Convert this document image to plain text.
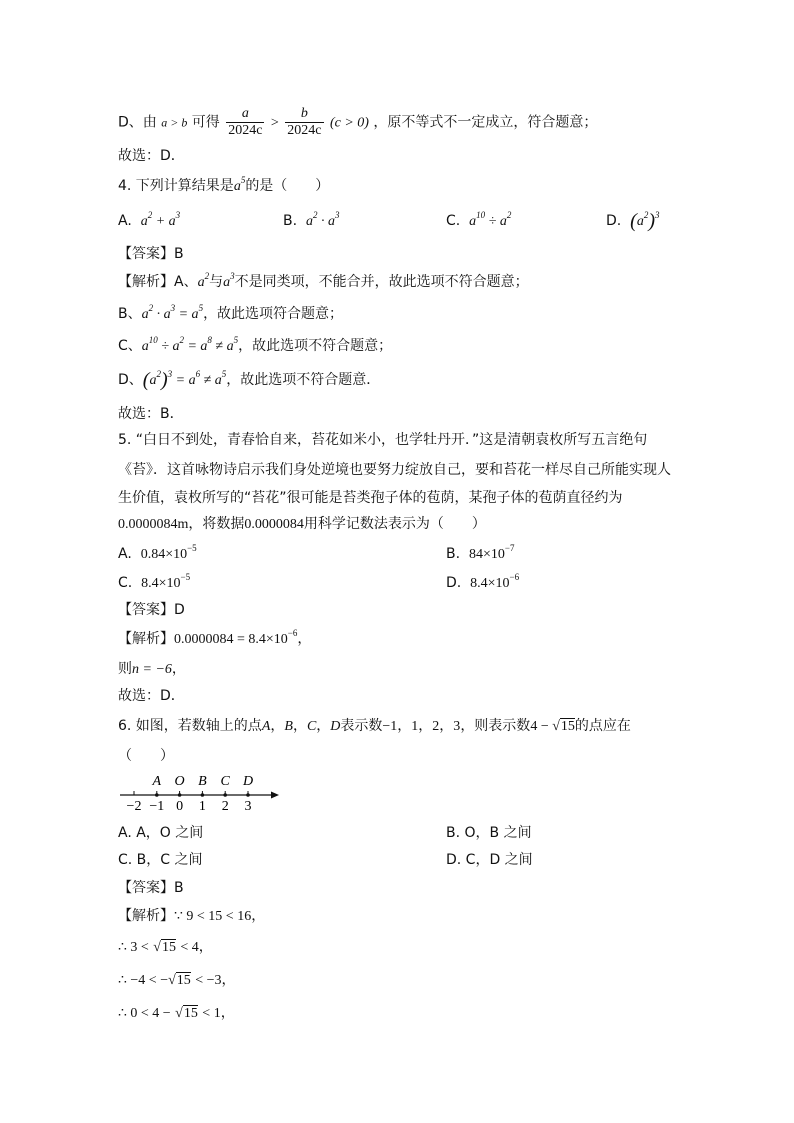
D、由 a > b 可得 $\frac{a}{2024c} > \frac{b}{2024c} (c > 0)$ ，原不等式不一定成立，符合题意；
故选：D．
4. 下列计算结果是$a^5$的是（　　）
A.  $a^2 + a^3$	B.  $a^2 \cdot a^3$	C.  $a^{10} \div a^2$	D.  $(a^2)^3$
【答案】B
【解析】A、$a^2$与$a^3$不是同类项，不能合并，故此选项不符合题意；
B、$a^2 \cdot a^3 = a^5$，故此选项符合题意；
C、$a^{10} \div a^2 = a^8 \ne a^5$，故此选项不符合题意；
D、$(a^2)^3 = a^6 \ne a^5$，故此选项不符合题意．
故选：B．
5. “白日不到处，青春恰自来，苔花如米小，也学牡丹开．”这是清朝袁枚所写五言绝句
《苔》．这首咏物诗启示我们身处逆境也要努力绽放自己，要和苔花一样尽自己所能实现人
生价值，袁枚所写的“苔花”很可能是苔类孢子体的苞荫，某孢子体的苞荫直径约为
0.0000084m，将数据0.0000084用科学记数法表示为（　　）
A. $0.84\times 10^{-5}$	B. $84\times 10^{-7}$
C. $8.4\times 10^{-5}$	D. $8.4\times 10^{-6}$
【答案】D
【解析】$0.0000084 = 8.4\times 10^{-6}$，
则n = −6，
故选：D．
6. 如图，若数轴上的点A，B，C，D表示数−1，1，2，3，则表示数4 − √15的点应在
（　　）
A O B C D
−2 −1 0 1 2 3
A. A，O 之间	B. O，B 之间
C. B，C 之间	D. C，D 之间
【答案】B
【解析】∵ 9 < 15 < 16，
∴ 3 < √15 < 4，
∴ −4 < −√15 < −3，
∴ 0 < 4 − √15 < 1，
